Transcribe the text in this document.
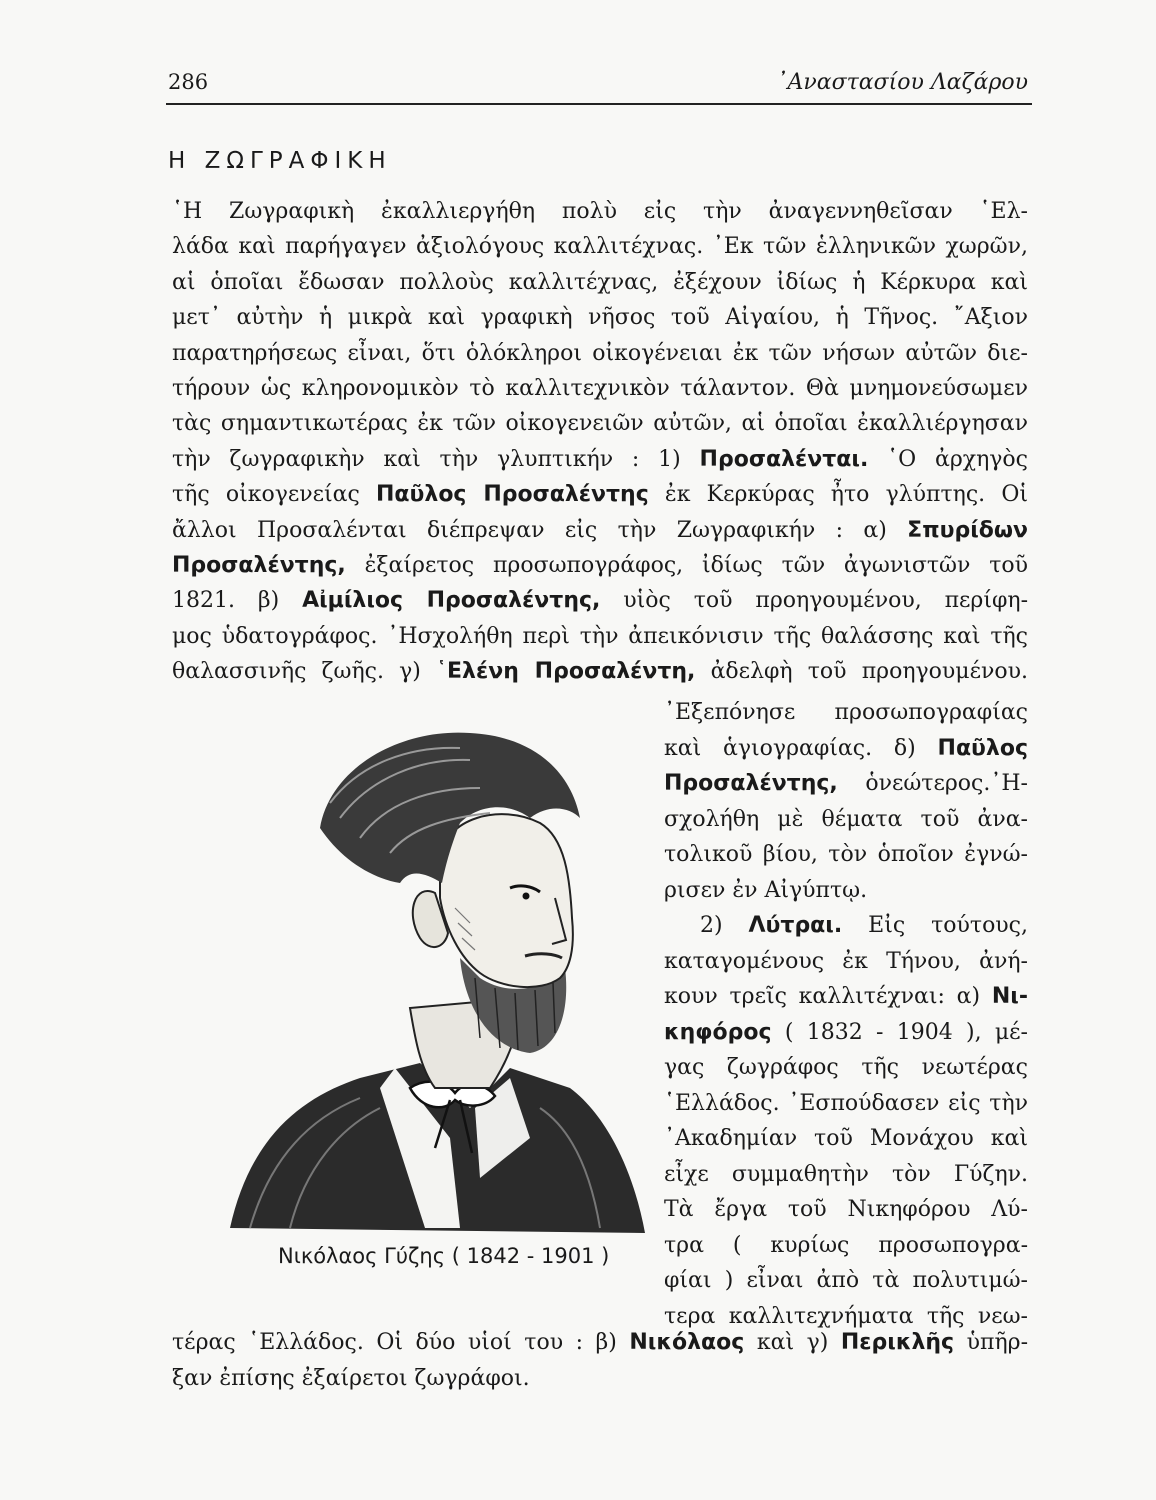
286	᾽Αναστασίου Λαζάρου
Η ΖΩΓΡΑΦΙΚΗ
῾Η Ζωγραφικὴ ἐκαλλιεργήθη πολὺ εἰς τὴν ἀναγεννηθεῖσαν ῾Ελ-
λάδα καὶ παρήγαγεν ἀξιολόγους καλλιτέχνας. ᾽Εκ τῶν ἑλληνικῶν χωρῶν,
αἱ ὁποῖαι ἔδωσαν πολλοὺς καλλιτέχνας, ἐξέχουν ἰδίως ἡ Κέρκυρα καὶ
μετ᾽ αὐτὴν ἡ μικρὰ καὶ γραφικὴ νῆσος τοῦ Αἰγαίου, ἡ Τῆνος. ῎Αξιον
παρατηρήσεως εἶναι, ὅτι ὁλόκληροι οἰκογένειαι ἐκ τῶν νήσων αὐτῶν διε-
τήρουν ὡς κληρονομικὸν τὸ καλλιτεχνικὸν τάλαντον. Θὰ μνημονεύσωμεν
τὰς σημαντικωτέρας ἐκ τῶν οἰκογενειῶν αὐτῶν, αἱ ὁποῖαι ἐκαλλιέργησαν
τὴν ζωγραφικὴν καὶ τὴν γλυπτικήν : 1) Προσαλένται. ῾Ο ἀρχηγὸς
τῆς οἰκογενείας Παῦλος Προσαλέντης ἐκ Κερκύρας ἦτο γλύπτης. Οἱ
ἄλλοι Προσαλένται διέπρεψαν εἰς τὴν Ζωγραφικήν : α) Σπυρίδων
Προσαλέντης, ἐξαίρετος προσωπογράφος, ἰδίως τῶν ἀγωνιστῶν τοῦ
1821. β) Αἰμίλιος Προσαλέντης, υἱὸς τοῦ προηγουμένου, περίφη-
μος ὑδατογράφος. ᾽Ησχολήθη περὶ τὴν ἀπεικόνισιν τῆς θαλάσσης καὶ τῆς
θαλασσινῆς ζωῆς. γ) ῾Ελένη Προσαλέντη, ἀδελφὴ τοῦ προηγουμένου.
᾽Εξεπόνησε προσωπογραφίας
καὶ ἁγιογραφίας. δ) Παῦλος
Προσαλέντης, ὁνεώτερος.᾽Η-
σχολήθη μὲ θέματα τοῦ ἀνα-
τολικοῦ βίου, τὸν ὁποῖον ἐγνώ-
ρισεν ἐν Αἰγύπτῳ.
2) Λύτραι. Εἰς τούτους,
καταγομένους ἐκ Τήνου, ἀνή-
κουν τρεῖς καλλιτέχναι: α) Νι-
κηφόρος ( 1832 - 1904 ), μέ-
γας ζωγράφος τῆς νεωτέρας
῾Ελλάδος. ᾽Εσπούδασεν εἰς τὴν
᾽Ακαδημίαν τοῦ Μονάχου καὶ
εἶχε συμμαθητὴν τὸν Γύζην.
Τὰ ἔργα τοῦ Νικηφόρου Λύ-
τρα ( κυρίως προσωπογρα-
φίαι ) εἶναι ἀπὸ τὰ πολυτιμώ-
τερα καλλιτεχνήματα τῆς νεω-
τέρας ῾Ελλάδος. Οἱ δύο υἱοί του : β) Νικόλαος καὶ γ) Περικλῆς ὑπῆρ-
ξαν ἐπίσης ἐξαίρετοι ζωγράφοι.
Νικόλαος Γύζης ( 1842 - 1901 )
